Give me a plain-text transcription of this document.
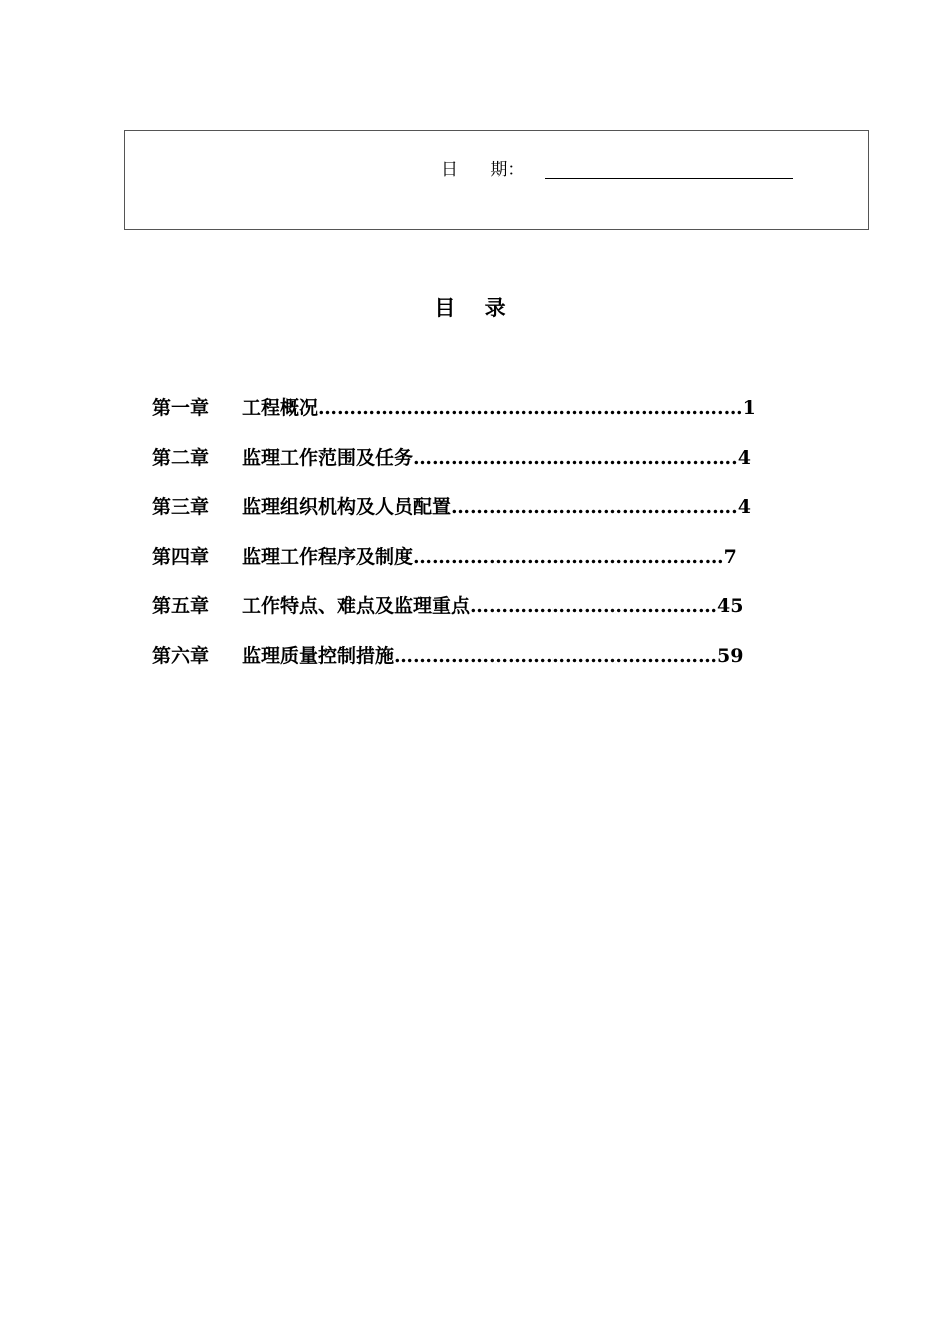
日      期：
目    录
第一章 工程概况……………………………………………………….…1
第二章 监理工作范围及任务…………………………………….....….4
第三章 监理组织机构及人员配置……………………………….....….4
第四章 监理工作程序及制度……………………………………….…7
第五章 工作特点、难点及监理重点…………………………………45
第六章 监理质量控制措施……………………………………………59
